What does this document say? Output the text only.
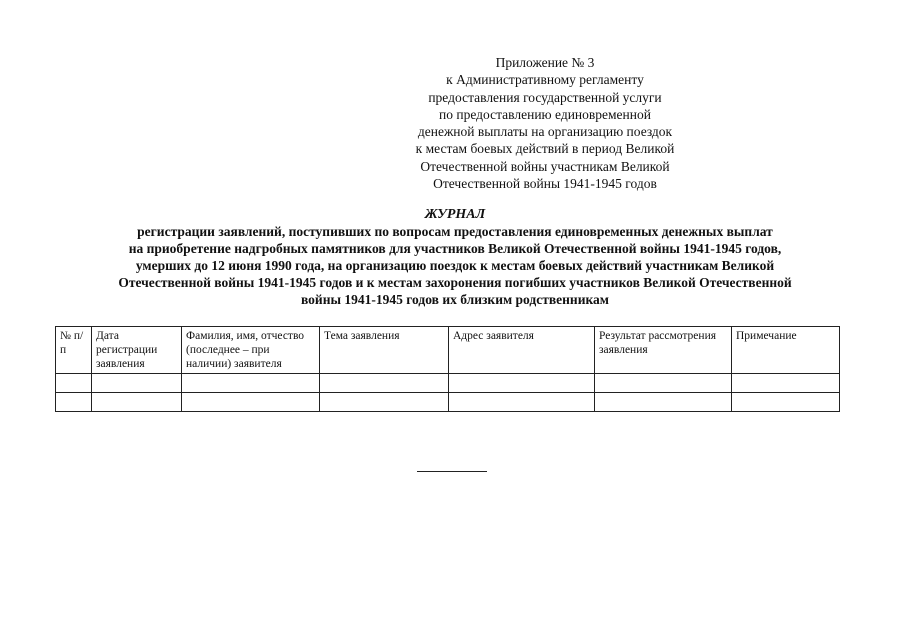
Приложение № 3
к Административному регламенту
предоставления государственной услуги
по предоставлению единовременной
денежной выплаты на организацию поездок
к местам боевых действий в период Великой
Отечественной войны участникам Великой
Отечественной войны 1941-1945 годов
ЖУРНАЛ
регистрации заявлений, поступивших по вопросам предоставления единовременных денежных выплат
на приобретение надгробных памятников для участников Великой Отечественной войны 1941-1945 годов,
умерших до 12 июня 1990 года, на организацию поездок к местам боевых действий участникам Великой
Отечественной войны 1941-1945 годов и к местам захоронения погибших участников Великой Отечественной
войны 1941-1945 годов их близким родственникам
№ п/п	Дата регистрации заявления	Фамилия, имя, отчество (последнее – при наличии) заявителя	Тема заявления	Адрес заявителя	Результат рассмотрения заявления	Примечание
